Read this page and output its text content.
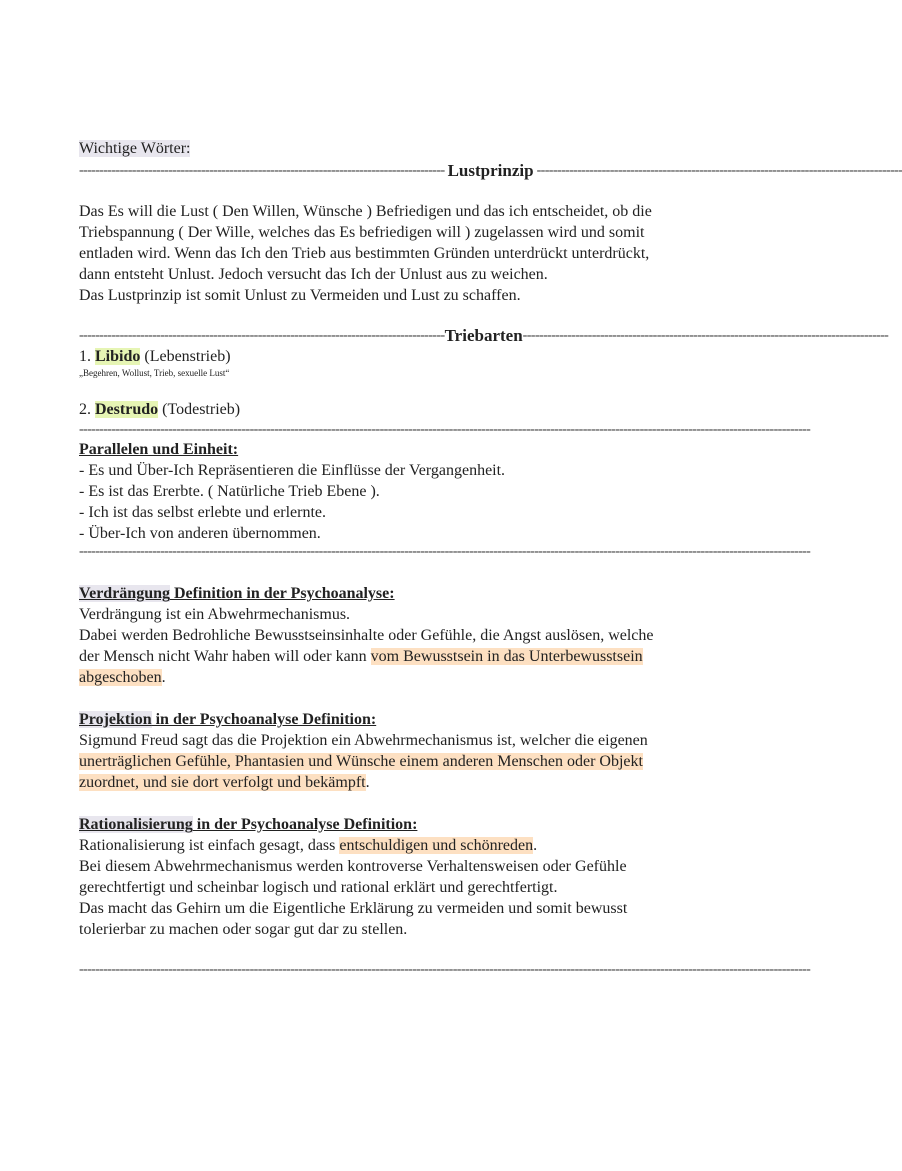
Wichtige Wörter:
------------------------------------------------------------------------------------------ Lustprinzip ------------------------------------------------------------------------------------------
Das Es will die Lust ( Den Willen, Wünsche ) Befriedigen und das ich entscheidet, ob die
Triebspannung ( Der Wille, welches das Es befriedigen will ) zugelassen wird und somit
entladen wird. Wenn das Ich den Trieb aus bestimmten Gründen unterdrückt unterdrückt,
dann entsteht Unlust. Jedoch versucht das Ich der Unlust aus zu weichen.
Das Lustprinzip ist somit Unlust zu Vermeiden und Lust zu schaffen.
------------------------------------------------------------------------------------------ Triebarten ------------------------------------------------------------------------------------------
1. Libido (Lebenstrieb)
„Begehren, Wollust, Trieb, sexuelle Lust“
2. Destrudo (Todestrieb)
------------------------------------------------------------------------------------------------------------------------------------------------------------------------------------
Parallelen und Einheit:
- Es und Über-Ich Repräsentieren die Einflüsse der Vergangenheit.
- Es ist das Ererbte. ( Natürliche Trieb Ebene ).
- Ich ist das selbst erlebte und erlernte.
- Über-Ich von anderen übernommen.
------------------------------------------------------------------------------------------------------------------------------------------------------------------------------------
Verdrängung Definition in der Psychoanalyse:
Verdrängung ist ein Abwehrmechanismus.
Dabei werden Bedrohliche Bewusstseinsinhalte oder Gefühle, die Angst auslösen, welche
der Mensch nicht Wahr haben will oder kann vom Bewusstsein in das Unterbewusstsein
abgeschoben.
Projektion in der Psychoanalyse Definition:
Sigmund Freud sagt das die Projektion ein Abwehrmechanismus ist, welcher die eigenen
unerträglichen Gefühle, Phantasien und Wünsche einem anderen Menschen oder Objekt
zuordnet, und sie dort verfolgt und bekämpft.
Rationalisierung in der Psychoanalyse Definition:
Rationalisierung ist einfach gesagt, dass entschuldigen und schönreden.
Bei diesem Abwehrmechanismus werden kontroverse Verhaltensweisen oder Gefühle
gerechtfertigt und scheinbar logisch und rational erklärt und gerechtfertigt.
Das macht das Gehirn um die Eigentliche Erklärung zu vermeiden und somit bewusst
tolerierbar zu machen oder sogar gut dar zu stellen.
------------------------------------------------------------------------------------------------------------------------------------------------------------------------------------
